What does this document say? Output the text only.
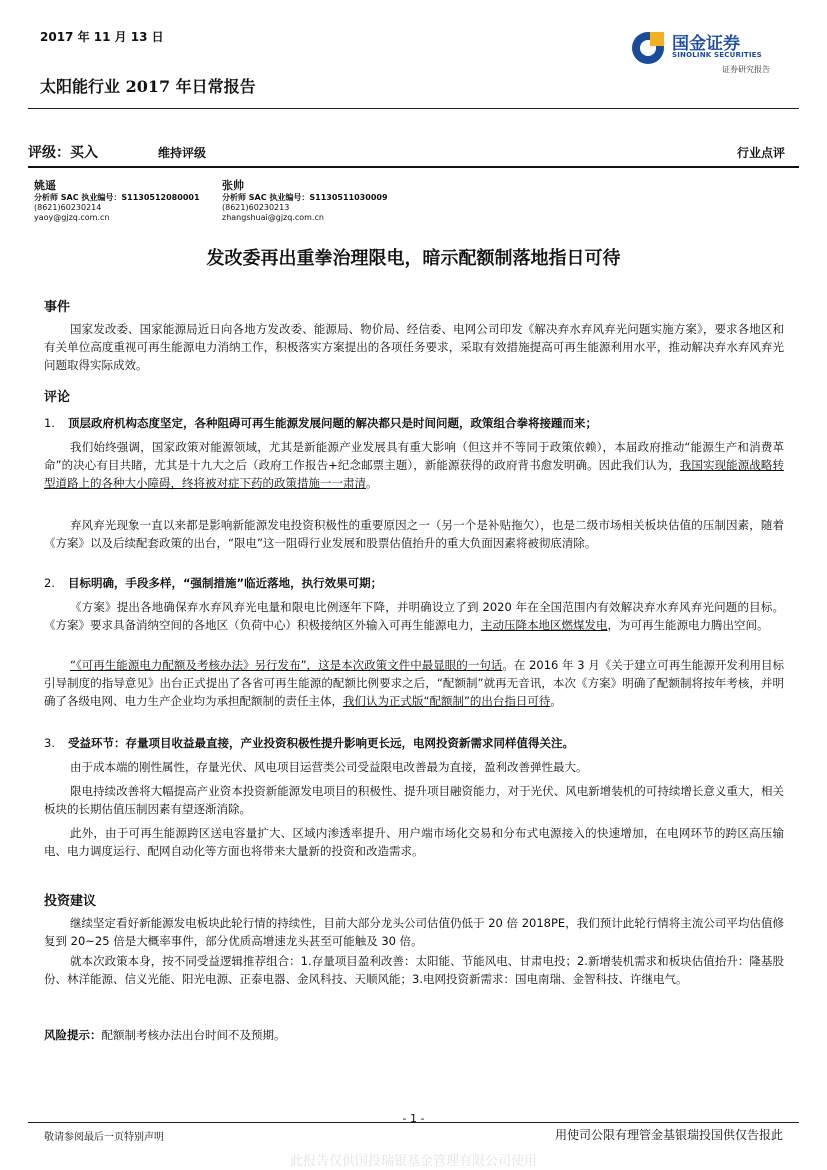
2017 年 11 月 13 日
太阳能行业 2017 年日常报告
国金证券
SINOLINK SECURITIES
证券研究报告
评级：买入	维持评级	行业点评
姚遥
分析师 SAC 执业编号：S1130512080001
(8621)60230214
yaoy@gjzq.com.cn
张帅
分析师 SAC 执业编号：S1130511030009
(8621)60230213
zhangshuai@gjzq.com.cn
发改委再出重拳治理限电，暗示配额制落地指日可待
事件
国家发改委、国家能源局近日向各地方发改委、能源局、物价局、经信委、电网公司印发《解决弃水弃风弃光问题实施方案》，要求各地区和有关单位高度重视可再生能源电力消纳工作，积极落实方案提出的各项任务要求，采取有效措施提高可再生能源利用水平，推动解决弃水弃风弃光问题取得实际成效。
评论
1. 顶层政府机构态度坚定，各种阻碍可再生能源发展问题的解决都只是时间问题，政策组合拳将接踵而来；
我们始终强调，国家政策对能源领域，尤其是新能源产业发展具有重大影响（但这并不等同于政策依赖），本届政府推动“能源生产和消费革命”的决心有目共睹，尤其是十九大之后（政府工作报告+纪念邮票主题），新能源获得的政府背书愈发明确。因此我们认为，我国实现能源战略转型道路上的各种大小障碍，终将被对症下药的政策措施一一肃清。
弃风弃光现象一直以来都是影响新能源发电投资积极性的重要原因之一（另一个是补贴拖欠），也是二级市场相关板块估值的压制因素，随着《方案》以及后续配套政策的出台，“限电”这一阻碍行业发展和股票估值抬升的重大负面因素将被彻底清除。
2. 目标明确，手段多样，“强制措施”临近落地，执行效果可期；
《方案》提出各地确保弃水弃风弃光电量和限电比例逐年下降，并明确设立了到 2020 年在全国范围内有效解决弃水弃风弃光问题的目标。《方案》要求具备消纳空间的各地区（负荷中心）积极接纳区外输入可再生能源电力，主动压降本地区燃煤发电，为可再生能源电力腾出空间。
“《可再生能源电力配额及考核办法》另行发布”，这是本次政策文件中最显眼的一句话。在 2016 年 3 月《关于建立可再生能源开发利用目标引导制度的指导意见》出台正式提出了各省可再生能源的配额比例要求之后，“配额制”就再无音讯，本次《方案》明确了配额制将按年考核，并明确了各级电网、电力生产企业均为承担配额制的责任主体，我们认为正式版“配额制”的出台指日可待。
3. 受益环节：存量项目收益最直接，产业投资积极性提升影响更长远，电网投资新需求同样值得关注。
由于成本端的刚性属性，存量光伏、风电项目运营类公司受益限电改善最为直接，盈利改善弹性最大。
限电持续改善将大幅提高产业资本投资新能源发电项目的积极性、提升项目融资能力，对于光伏、风电新增装机的可持续增长意义重大，相关板块的长期估值压制因素有望逐渐消除。
此外，由于可再生能源跨区送电容量扩大、区域内渗透率提升、用户端市场化交易和分布式电源接入的快速增加，在电网环节的跨区高压输电、电力调度运行、配网自动化等方面也将带来大量新的投资和改造需求。
投资建议
继续坚定看好新能源发电板块此轮行情的持续性，目前大部分龙头公司估值仍低于 20 倍 2018PE，我们预计此轮行情将主流公司平均估值修复到 20~25 倍是大概率事件，部分优质高增速龙头甚至可能触及 30 倍。
就本次政策本身，按不同受益逻辑推荐组合：1.存量项目盈利改善：太阳能、节能风电、甘肃电投；2.新增装机需求和板块估值抬升：隆基股份、林洋能源、信义光能、阳光电源、正泰电器、金风科技、天顺风能；3.电网投资新需求：国电南瑞、金智科技、许继电气。
风险提示：配额制考核办法出台时间不及预期。
- 1 -
敬请参阅最后一页特别声明	用使司公限有理管金基银瑞投国供仅告报此
此报告仅供国投瑞银基金管理有限公司使用
